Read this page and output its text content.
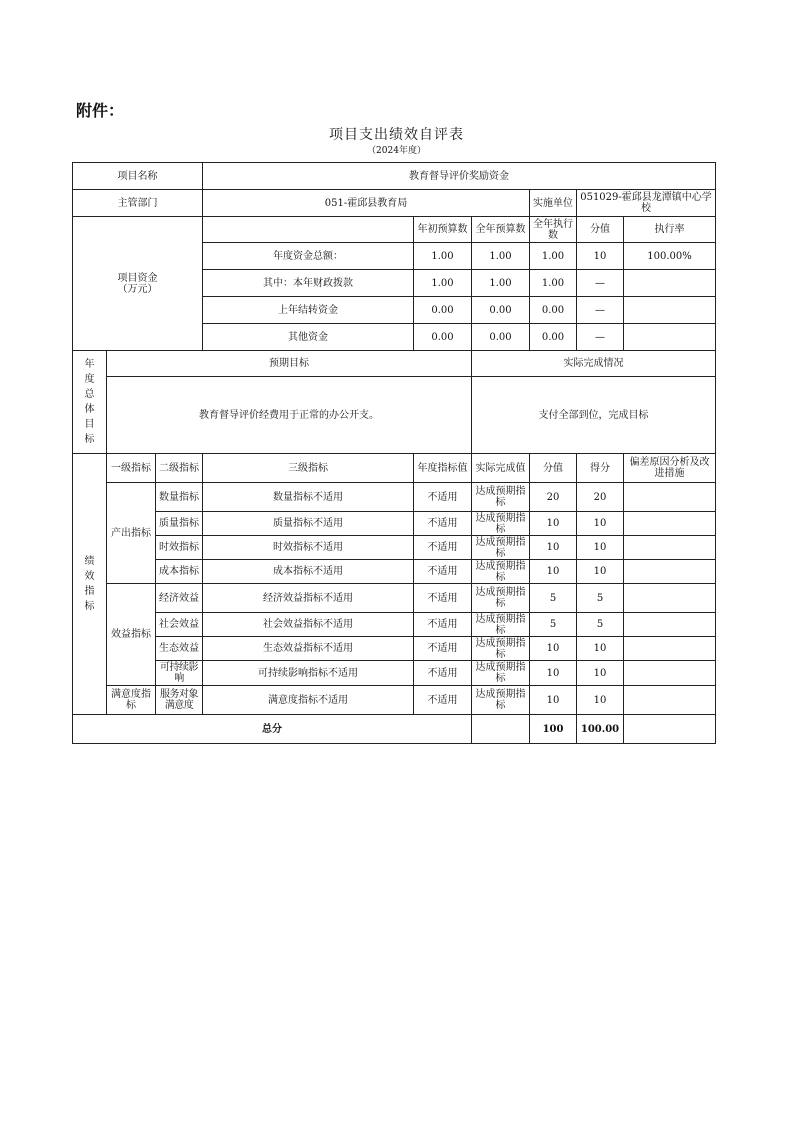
附件：
项目支出绩效自评表
（2024年度）
项目名称			教育督导评价奖励资金						
主管部门			051-霍邱县教育局			实施单位	051029-霍邱县龙潭镇中心学校		

项目资金
（万元）				年初预算数	全年预算数	全年执行数	分值	执行率	
			年度资金总额：	1.00	1.00	1.00	10	100.00%	
			其中：本年财政拨款	1.00	1.00	1.00	—		
			上年结转资金	0.00	0.00	0.00	—		
			其他资金	0.00	0.00	0.00	—		

年度总体目标	预期目标				实际完成情况				
	教育督导评价经费用于正常的办公开支。				支付全部到位，完成目标				

绩效指标	一级指标	二级指标	三级指标	年度指标值	实际完成值	分值	得分	偏差原因分析及改进措施	
	产出指标	数量指标	数量指标不适用	不适用	达成预期指标	20	20		
		质量指标	质量指标不适用	不适用	达成预期指标	10	10		
		时效指标	时效指标不适用	不适用	达成预期指标	10	10		
		成本指标	成本指标不适用	不适用	达成预期指标	10	10		
	效益指标	经济效益	经济效益指标不适用	不适用	达成预期指标	5	5		
		社会效益	社会效益指标不适用	不适用	达成预期指标	5	5		
		生态效益	生态效益指标不适用	不适用	达成预期指标	10	10		
		可持续影响	可持续影响指标不适用	不适用	达成预期指标	10	10		
	满意度指标	服务对象满意度	满意度指标不适用	不适用	达成预期指标	10	10		
总分						100	100.00		
